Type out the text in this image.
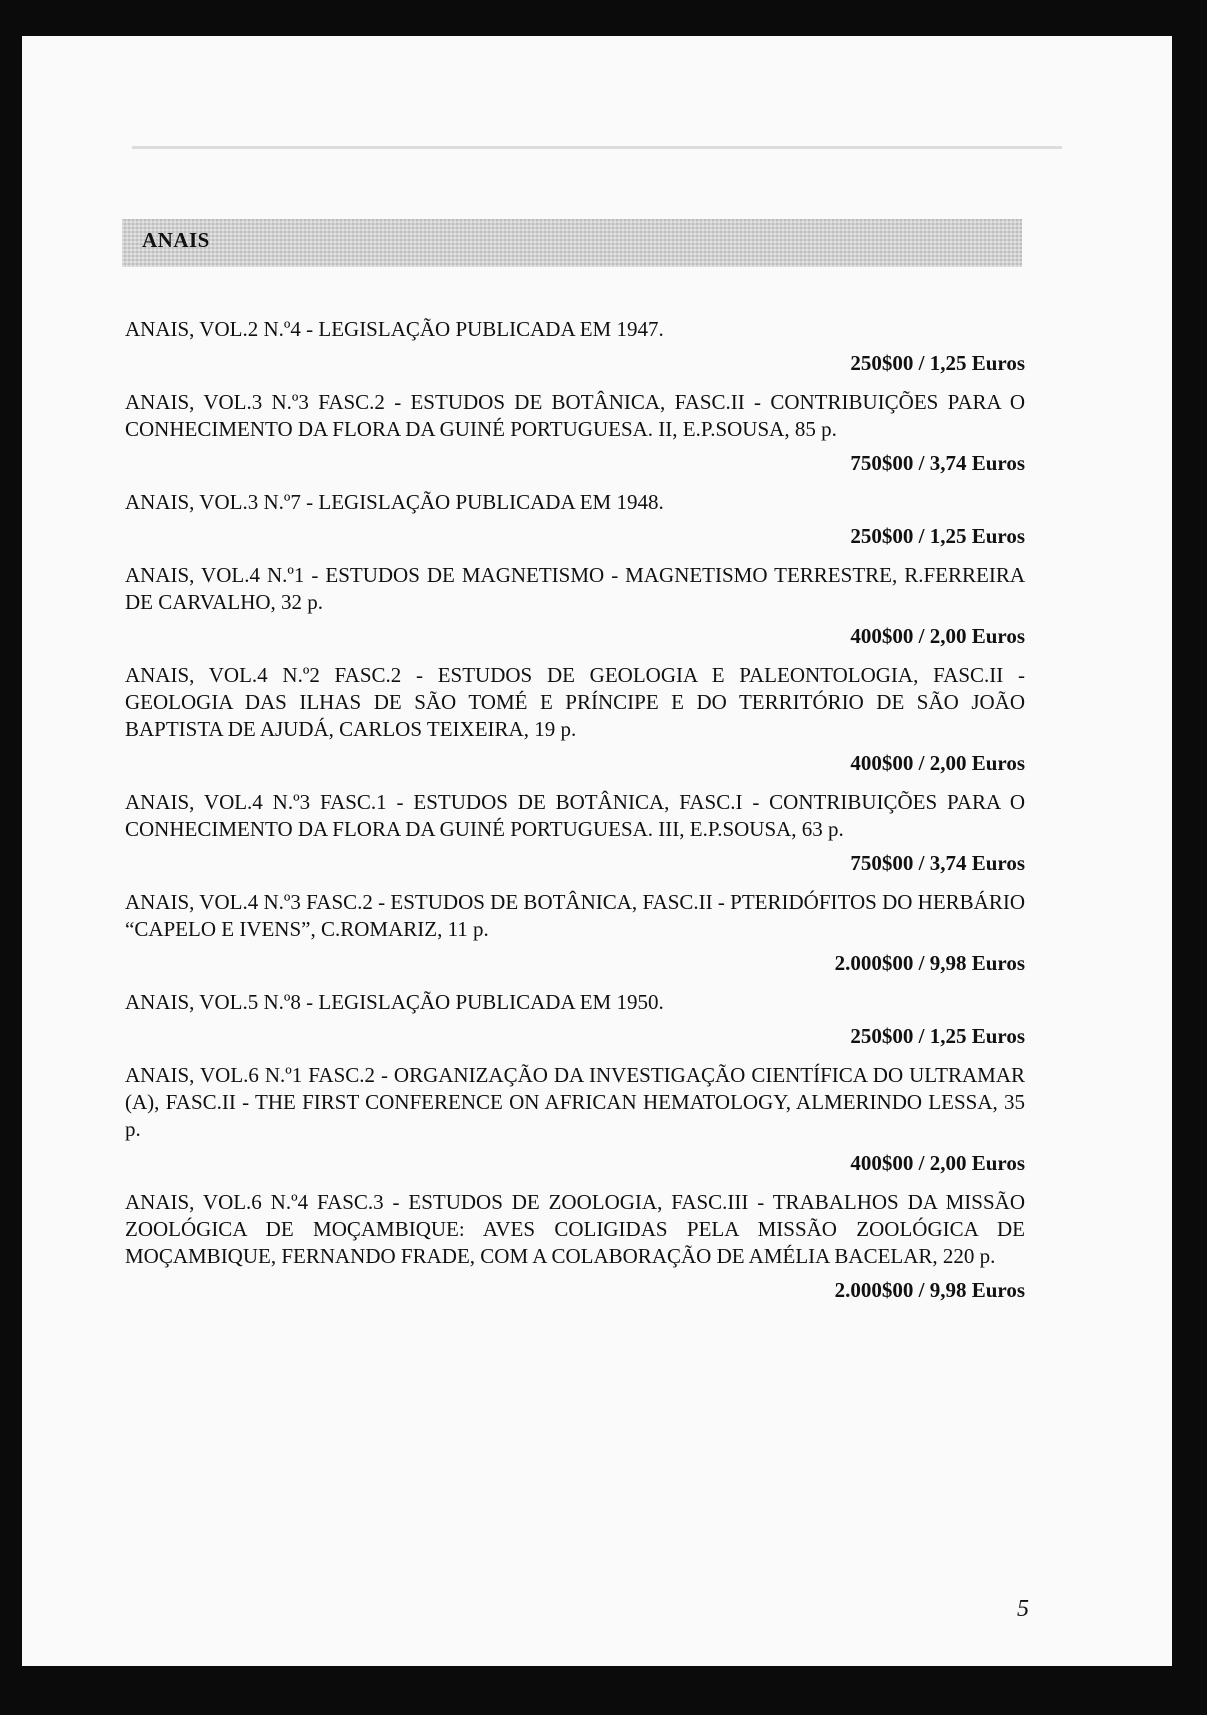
ANAIS
ANAIS, VOL.2 N.º4 - LEGISLAÇÃO PUBLICADA EM 1947.
250$00 / 1,25 Euros
ANAIS, VOL.3 N.º3 FASC.2 - ESTUDOS DE BOTÂNICA, FASC.II - CONTRIBUIÇÕES PARA O CONHECIMENTO DA FLORA DA GUINÉ PORTUGUESA. II, E.P.SOUSA, 85 p.
750$00 / 3,74 Euros
ANAIS, VOL.3 N.º7 - LEGISLAÇÃO PUBLICADA EM 1948.
250$00 / 1,25 Euros
ANAIS, VOL.4 N.º1 - ESTUDOS DE MAGNETISMO - MAGNETISMO TERRESTRE, R.FERREIRA DE CARVALHO, 32 p.
400$00 / 2,00 Euros
ANAIS, VOL.4 N.º2 FASC.2 - ESTUDOS DE GEOLOGIA E PALEONTOLOGIA, FASC.II - GEOLOGIA DAS ILHAS DE SÃO TOMÉ E PRÍNCIPE E DO TERRITÓRIO DE SÃO JOÃO BAPTISTA DE AJUDÁ, CARLOS TEIXEIRA, 19 p.
400$00 / 2,00 Euros
ANAIS, VOL.4 N.º3 FASC.1 - ESTUDOS DE BOTÂNICA, FASC.I - CONTRIBUIÇÕES PARA O CONHECIMENTO DA FLORA DA GUINÉ PORTUGUESA. III, E.P.SOUSA, 63 p.
750$00 / 3,74 Euros
ANAIS, VOL.4 N.º3 FASC.2 - ESTUDOS DE BOTÂNICA, FASC.II - PTERIDÓFITOS DO HERBÁRIO “CAPELO E IVENS”, C.ROMARIZ, 11 p.
2.000$00 / 9,98 Euros
ANAIS, VOL.5 N.º8 - LEGISLAÇÃO PUBLICADA EM 1950.
250$00 / 1,25 Euros
ANAIS, VOL.6 N.º1 FASC.2 - ORGANIZAÇÃO DA INVESTIGAÇÃO CIENTÍFICA DO ULTRAMAR (A), FASC.II - THE FIRST CONFERENCE ON AFRICAN HEMATOLOGY, ALMERINDO LESSA, 35 p.
400$00 / 2,00 Euros
ANAIS, VOL.6 N.º4 FASC.3 - ESTUDOS DE ZOOLOGIA, FASC.III - TRABALHOS DA MISSÃO ZOOLÓGICA DE MOÇAMBIQUE: AVES COLIGIDAS PELA MISSÃO ZOOLÓGICA DE MOÇAMBIQUE, FERNANDO FRADE, COM A COLABORAÇÃO DE AMÉLIA BACELAR, 220 p.
2.000$00 / 9,98 Euros
5
